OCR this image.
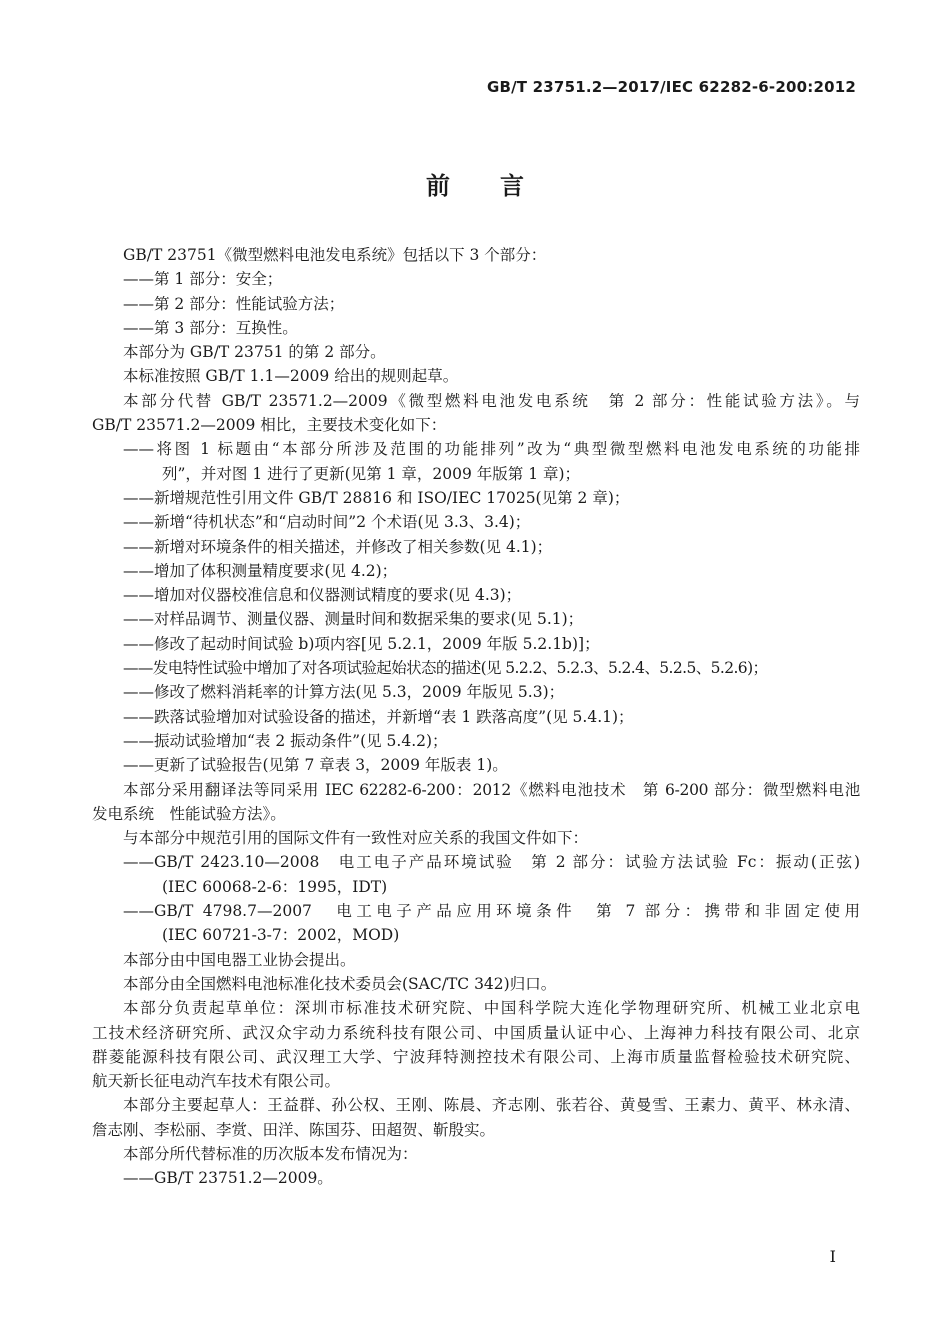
GB/T 23751.2—2017/IEC 62282-6-200:2012
前言

GB/T 23751《微型燃料电池发电系统》包括以下 3 个部分：

——第 1 部分：安全；

——第 2 部分：性能试验方法；

——第 3 部分：互换性。

本部分为 GB/T 23751 的第 2 部分。

本标准按照 GB/T 1.1—2009 给出的规则起草。

本部分代替 GB/T 23571.2—2009《微型燃料电池发电系统　第 2 部分：性能试验方法》。与

GB/T 23571.2—2009 相比，主要技术变化如下：

——将图 1 标题由“本部分所涉及范围的功能排列”改为“典型微型燃料电池发电系统的功能排

列”，并对图 1 进行了更新(见第 1 章，2009 年版第 1 章)；

——新增规范性引用文件 GB/T 28816 和 ISO/IEC 17025(见第 2 章)；

——新增“待机状态”和“启动时间”2 个术语(见 3.3、3.4)；

——新增对环境条件的相关描述，并修改了相关参数(见 4.1)；

——增加了体积测量精度要求(见 4.2)；

——增加对仪器校准信息和仪器测试精度的要求(见 4.3)；

——对样品调节、测量仪器、测量时间和数据采集的要求(见 5.1)；

——修改了起动时间试验 b)项内容[见 5.2.1，2009 年版 5.2.1b)]；

——发电特性试验中增加了对各项试验起始状态的描述(见 5.2.2、5.2.3、5.2.4、5.2.5、5.2.6)；

——修改了燃料消耗率的计算方法(见 5.3，2009 年版见 5.3)；

——跌落试验增加对试验设备的描述，并新增“表 1 跌落高度”(见 5.4.1)；

——振动试验增加“表 2 振动条件”(见 5.4.2)；

——更新了试验报告(见第 7 章表 3，2009 年版表 1)。

本部分采用翻译法等同采用 IEC 62282-6-200：2012《燃料电池技术　第 6-200 部分：微型燃料电池

发电系统　性能试验方法》。

与本部分中规范引用的国际文件有一致性对应关系的我国文件如下：

——GB/T 2423.10—2008　电工电子产品环境试验　第 2 部分：试验方法试验 Fc：振动(正弦)

(IEC 60068-2-6：1995，IDT)

——GB/T 4798.7—2007　电工电子产品应用环境条件　第 7 部分：携带和非固定使用

(IEC 60721-3-7：2002，MOD)

本部分由中国电器工业协会提出。

本部分由全国燃料电池标准化技术委员会(SAC/TC 342)归口。

本部分负责起草单位：深圳市标准技术研究院、中国科学院大连化学物理研究所、机械工业北京电

工技术经济研究所、武汉众宇动力系统科技有限公司、中国质量认证中心、上海神力科技有限公司、北京

群菱能源科技有限公司、武汉理工大学、宁波拜特测控技术有限公司、上海市质量监督检验技术研究院、

航天新长征电动汽车技术有限公司。

本部分主要起草人：王益群、孙公权、王刚、陈晨、齐志刚、张若谷、黄曼雪、王素力、黄平、林永清、

詹志刚、李松丽、李赏、田洋、陈国芬、田超贺、靳殷实。

本部分所代替标准的历次版本发布情况为：

——GB/T 23751.2—2009。

I
